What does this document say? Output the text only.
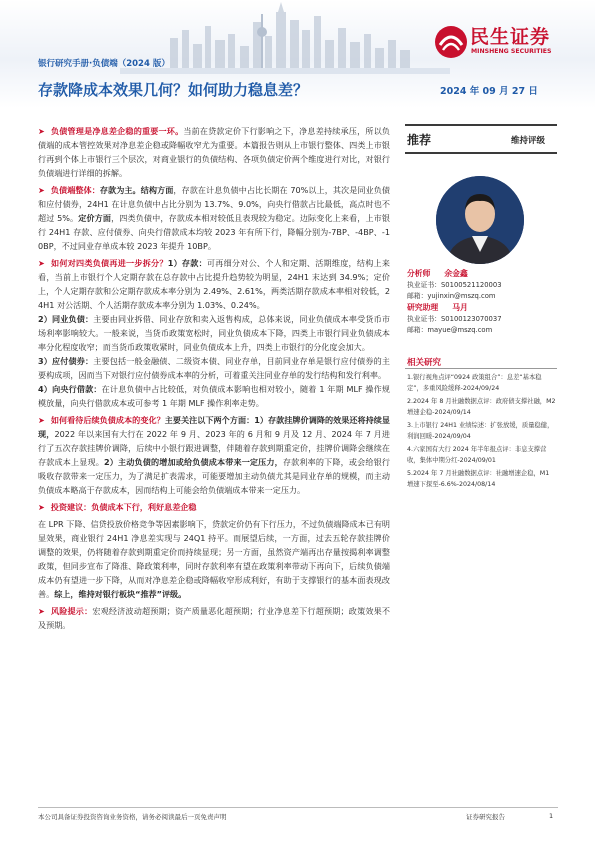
民生证券
MINSHENG SECURITIES
银行研究手册·负债端（2024 版）
存款降成本效果几何？如何助力稳息差？	2024 年 09 月 27 日

➤ 负债管理是净息差企稳的重要一环。当前在贷款定价下行影响之下，净息差持续承压，所以负债端的成本管控效果对净息差企稳或降幅收窄尤为重要。本篇报告则从上市银行整体、四类上市银行再到个体上市银行三个层次，对商业银行的负债结构、各项负债定价两个维度进行对比，对银行负债端进行详细的拆解。

➤ 负债端整体：存款为主。结构方面，存款在计息负债中占比长期在 70%以上，其次是同业负债和应付债券，24H1 在计息负债中占比分别为 13.7%、9.0%，向央行借款占比最低，高点时也不超过 5%。定价方面，四类负债中，存款成本相对较低且表现较为稳定。边际变化上来看，上市银行 24H1 存款、应付债券、向央行借款成本均较 2023 年有所下行，降幅分别为-7BP、-4BP、-10BP，不过同业存单成本较 2023 年提升 10BP。

➤ 如何对四类负债再进一步拆分？1）存款：可再细分对公、个人和定期、活期维度，结构上来看，当前上市银行个人定期存款在总存款中占比提升趋势较为明显，24H1 末达到 34.9%；定价上，个人定期存款和公定期存款成本率分别为 2.49%、2.61%，两类活期存款成本率相对较低，24H1 对公活期、个人活期存款成本率分别为 1.03%、0.24%。

2）同业负债：主要由同业拆借、同业存放和卖入返售构成，总体来说，同业负债成本率受货币市场利率影响较大。一般来说，当货币政策宽松时，同业负债成本下降，四类上市银行同业负债成本率分化程度收窄；而当货币政策收紧时，同业负债成本上升，四类上市银行的分化度会加大。

3）应付债券：主要包括一般金融债、二级资本债、同业存单，目前同业存单是银行应付债券的主要构成项，因而当下对银行应付债券成本率的分析，可着重关注同业存单的发行结构和发行利率。

4）向央行借款：在计息负债中占比较低，对负债成本影响也相对较小，随着 1 年期 MLF 操作规模放量，向央行借款成本或可参考 1 年期 MLF 操作利率走势。

➤ 如何看待后续负债成本的变化？主要关注以下两个方面：1）存款挂牌价调降的效果还将持续显现，2022 年以来国有大行在 2022 年 9 月、2023 年的 6 月和 9 月及 12 月、2024 年 7 月进行了五次存款挂牌价调降，后续中小银行跟进调整，伴随着存款到期重定价，挂牌价调降会继续在存款成本上显现。2）主动负债的增加或给负债成本带来一定压力，存款利率的下降，或会给银行吸收存款带来一定压力，为了满足扩表需求，可能要增加主动负债尤其是同业存单的规模，而主动负债成本略高于存款成本，因而结构上可能会给负债端成本带来一定压力。

➤ 投资建议：负债成本下行，利好息差企稳

在 LPR 下降、信贷投放价格竞争等因素影响下，贷款定价仍有下行压力，不过负债端降成本已有明显效果，商业银行 24H1 净息差实现与 24Q1 持平。而展望后续，一方面，过去五轮存款挂牌价调整的效果，仍将随着存款到期重定价而持续显现；另一方面，虽然资产端再出存量按揭利率调整政策，但同步宣布了降准、降政策利率，同时存款利率有望在政策利率带动下再向下，后续负债端成本仍有望进一步下降，从而对净息差企稳或降幅收窄形成利好，有助于支撑银行的基本面表现改善。综上，维持对银行板块“推荐”评级。

➤ 风险提示：宏观经济波动超预期；资产质量恶化超预期；行业净息差下行超预期；政策效果不及预期。

推荐	维持评级
分析师 余金鑫
执业证书：S0100521120003
邮箱：yujinxin@mszq.com
研究助理 马月
执业证书：S0100123070037
邮箱：mayue@mszq.com
相关研究
1.银行视角点评“0924 政策组合”：息差“基本稳定”，多重风险缓释-2024/09/24
2.2024 年 8 月社融数据点评：政府债支撑社融，M2 增速企稳-2024/09/14
3.上市银行 24H1 业绩综述：扩张放缓，质量稳健，利润回暖-2024/09/04
4.六家国有大行 2024 年半年报点评：非息支撑营收，集体中期分红-2024/09/01
5.2024 年 7 月社融数据点评：社融增速企稳，M1 增速下探至-6.6%-2024/08/14
本公司具备证券投资咨询业务资格，请务必阅读最后一页免责声明	证券研究报告	1
